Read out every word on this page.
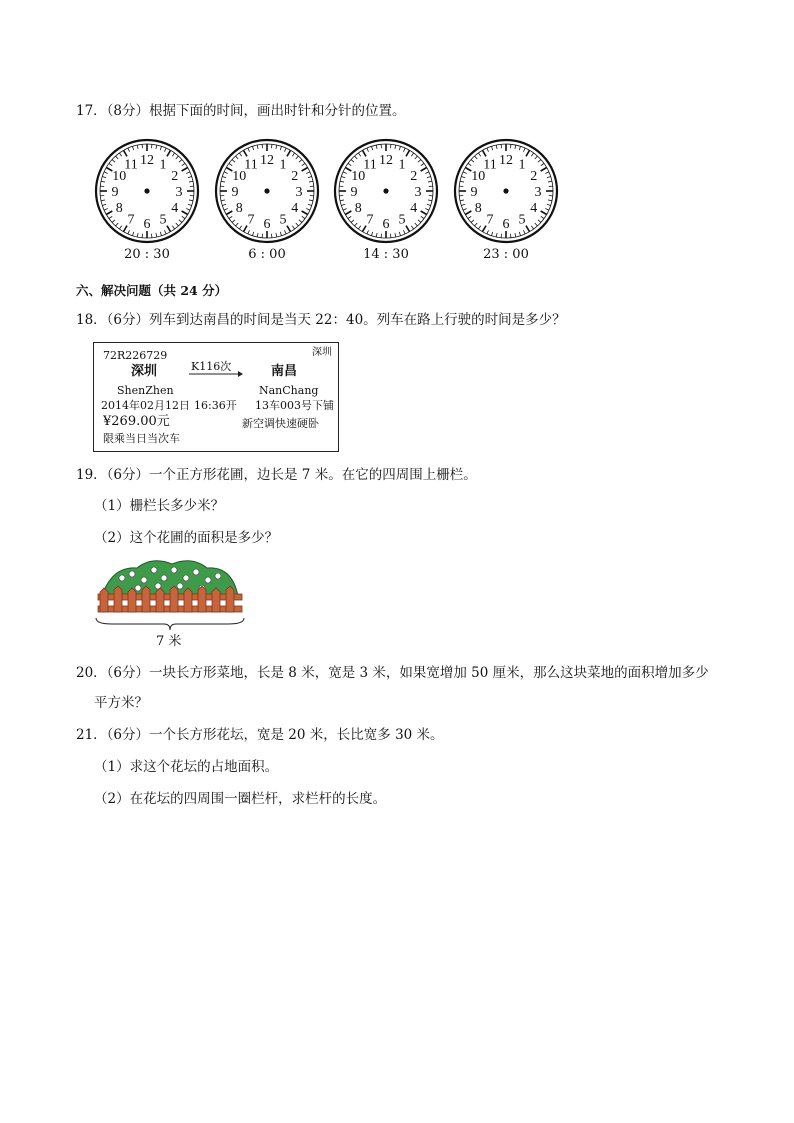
17．（8分）根据下面的时间，画出时针和分针的位置。
12 1
2
3
4
5
6
7
8
9
10
11
20 : 30
12 1
2
3
4
5
6
7
8
9
10
11
6 : 00
12 1
2
3
4
5
6
7
8
9
10
11
14 : 30
12 1
2
3
4
5
6
7
8
9
10
11
23 : 00
六、解决问题（共 24 分）
18．（6分）列车到达南昌的时间是当天 22：40。列车在路上行驶的时间是多少？
72R226729	深圳
深圳	K116次	南昌
ShenZhen	NanChang
2014年02月12日 16:36开 13车003号下铺
¥269.00元	新空调快速硬卧
限乘当日当次车
19．（6分）一个正方形花圃，边长是 7 米。在它的四周围上栅栏。
（1）栅栏长多少米？
（2）这个花圃的面积是多少？
7 米
20．（6分）一块长方形菜地，长是 8 米，宽是 3 米，如果宽增加 50 厘米，那么这块菜地的面积增加多少
平方米？
21．（6分）一个长方形花坛，宽是 20 米，长比宽多 30 米。
（1）求这个花坛的占地面积。
（2）在花坛的四周围一圈栏杆，求栏杆的长度。
